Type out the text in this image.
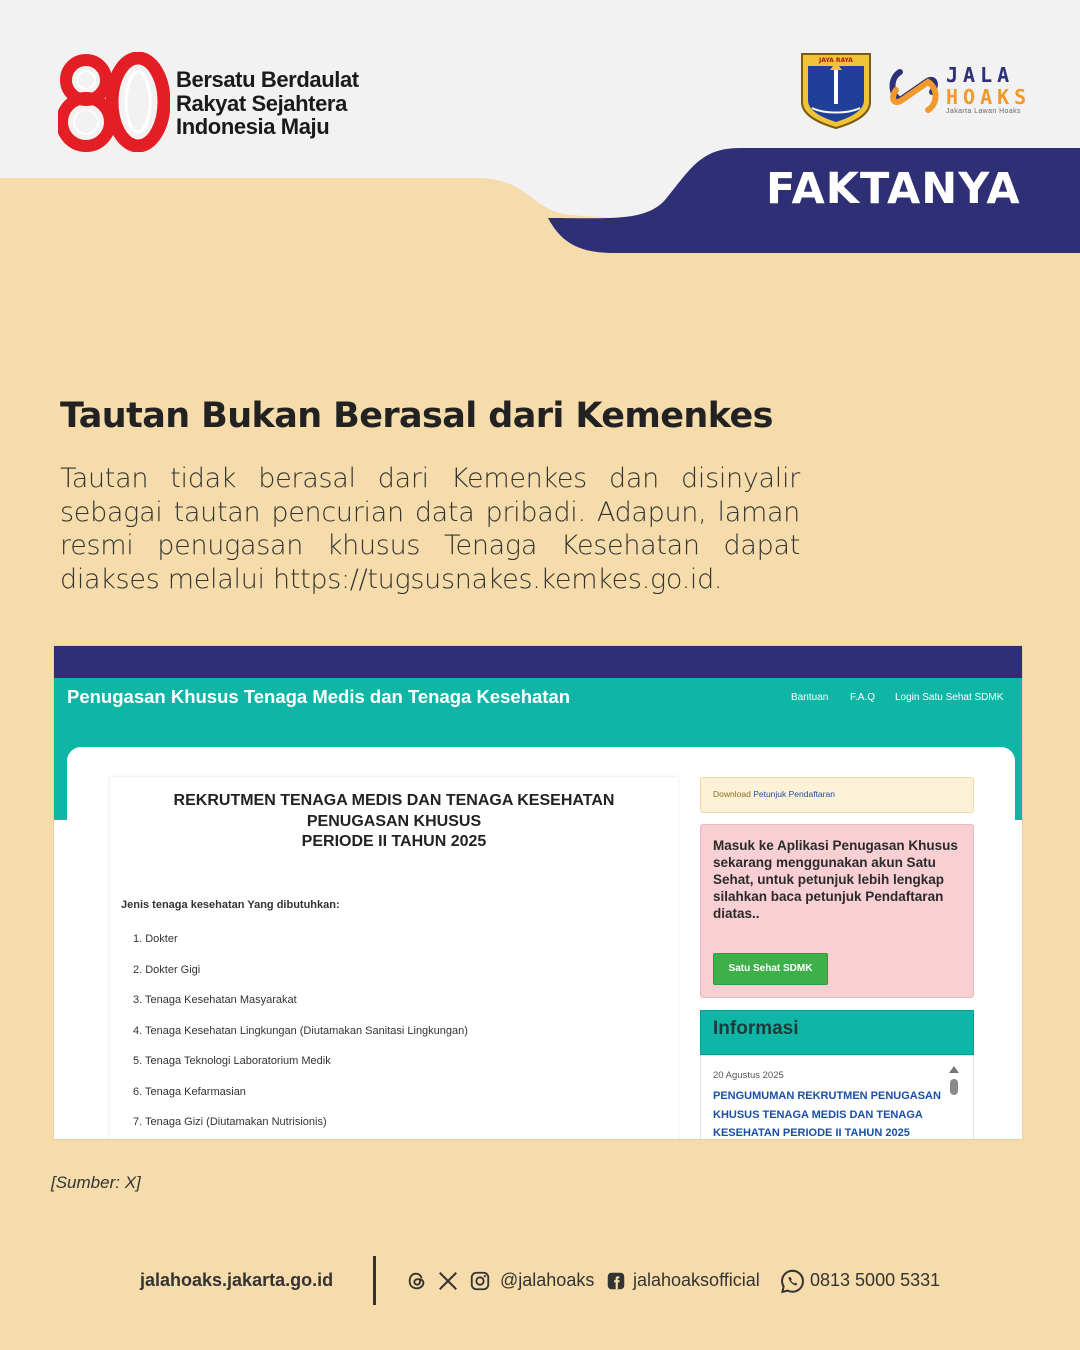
Bersatu Berdaulat
Rakyat Sejahtera
Indonesia Maju
JAYA RAYA
JALA
HOAKS
Jakarta Lawan Hoaks
FAKTANYA
Tautan Bukan Berasal dari Kemenkes

Tautan tidak berasal dari Kemenkes dan disinyalir sebagai tautan pencurian data pribadi. Adapun, laman resmi penugasan khusus Tenaga Kesehatan dapat diakses melalui https://tugsusnakes.kemkes.go.id.

Penugasan Khusus Tenaga Medis dan Tenaga Kesehatan	Bantuan F.A.Q Login Satu Sehat SDMK
REKRUTMEN TENAGA MEDIS DAN TENAGA KESEHATAN
PENUGASAN KHUSUS
PERIODE II TAHUN 2025
Jenis tenaga kesehatan Yang dibutuhkan:
1. Dokter
2. Dokter Gigi
3. Tenaga Kesehatan Masyarakat
4. Tenaga Kesehatan Lingkungan (Diutamakan Sanitasi Lingkungan)
5. Tenaga Teknologi Laboratorium Medik
6. Tenaga Kefarmasian
7. Tenaga Gizi (Diutamakan Nutrisionis)
Download Petunjuk Pendaftaran
Masuk ke Aplikasi Penugasan Khusus sekarang menggunakan akun Satu Sehat, untuk petunjuk lebih lengkap silahkan baca petunjuk Pendaftaran diatas..
Satu Sehat SDMK
Informasi
20 Agustus 2025
PENGUMUMAN REKRUTMEN PENUGASAN KHUSUS TENAGA MEDIS DAN TENAGA KESEHATAN PERIODE II TAHUN 2025
[Sumber: X]
jalahoaks.jakarta.go.id	@jalahoaks jalahoaksofficial	0813 5000 5331
